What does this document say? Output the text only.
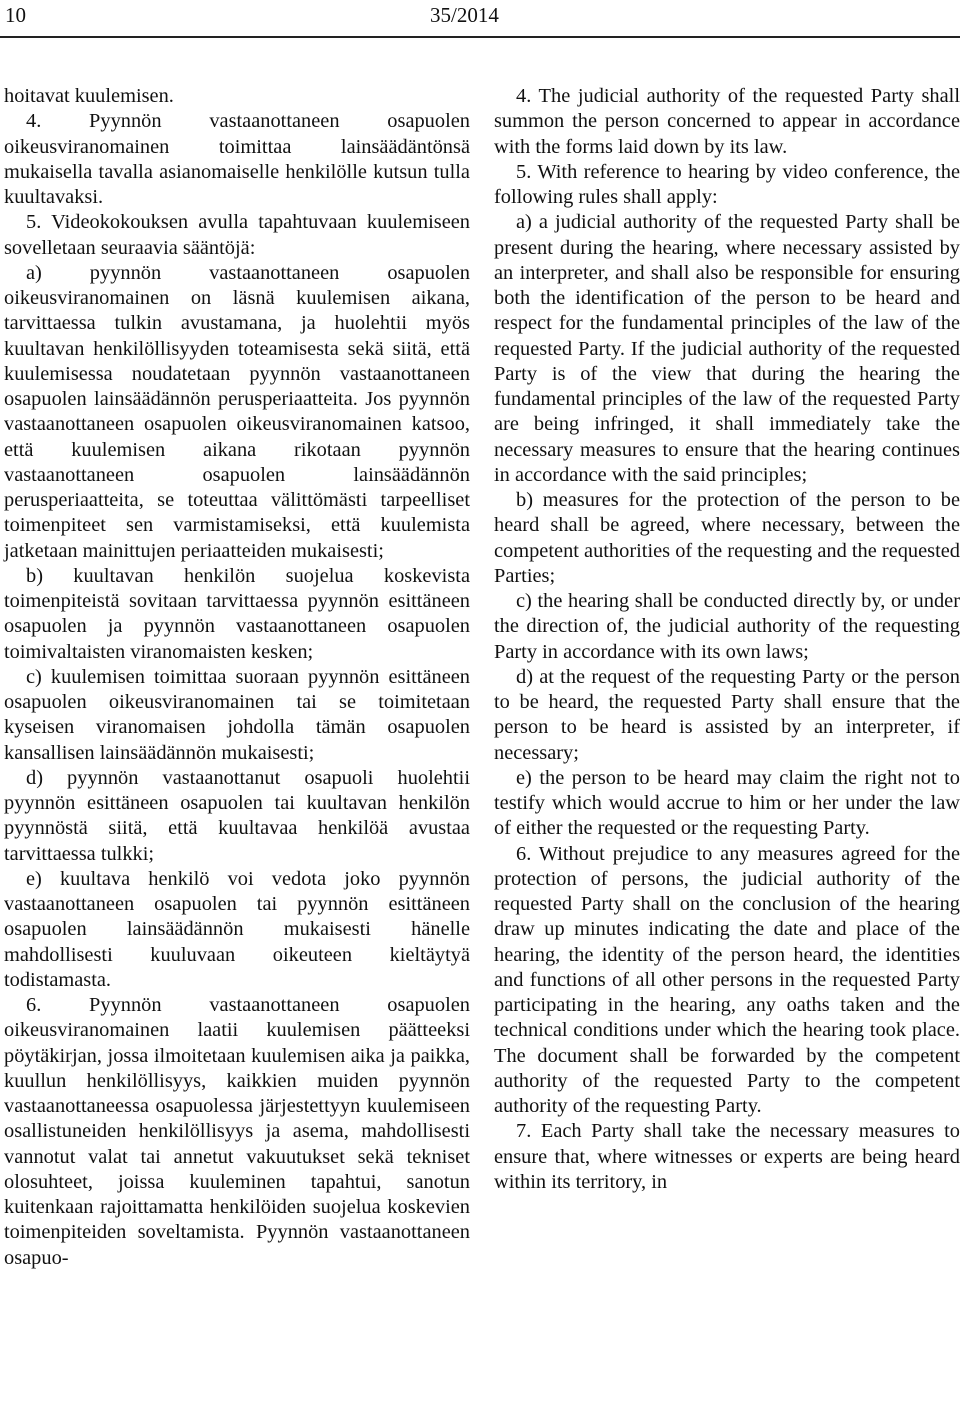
10	35/2014

hoitavat kuulemisen.

4. Pyynnön vastaanottaneen osapuolen oikeusviranomainen toimittaa lainsäädäntönsä mukaisella tavalla asianomaiselle henkilölle kutsun tulla kuultavaksi.

5. Videokokouksen avulla tapahtuvaan kuulemiseen sovelletaan seuraavia sääntöjä:

a) pyynnön vastaanottaneen osapuolen oikeusviranomainen on läsnä kuulemisen aikana, tarvittaessa tulkin avustamana, ja huolehtii myös kuultavan henkilöllisyyden toteamisesta sekä siitä, että kuulemisessa noudatetaan pyynnön vastaanottaneen osapuolen lainsäädännön perusperiaatteita. Jos pyynnön vastaanottaneen osapuolen oikeusviranomainen katsoo, että kuulemisen aikana rikotaan pyynnön vastaanottaneen osapuolen lainsäädännön perusperiaatteita, se toteuttaa välittömästi tarpeelliset toimenpiteet sen varmistamiseksi, että kuulemista jatketaan mainittujen periaatteiden mukaisesti;

b) kuultavan henkilön suojelua koskevista toimenpiteistä sovitaan tarvittaessa pyynnön esittäneen osapuolen ja pyynnön vastaanottaneen osapuolen toimivaltaisten viranomaisten kesken;

c) kuulemisen toimittaa suoraan pyynnön esittäneen osapuolen oikeusviranomainen tai se toimitetaan kyseisen viranomaisen johdolla tämän osapuolen kansallisen lainsäädännön mukaisesti;

d) pyynnön vastaanottanut osapuoli huolehtii pyynnön esittäneen osapuolen tai kuultavan henkilön pyynnöstä siitä, että kuultavaa henkilöä avustaa tarvittaessa tulkki;

e) kuultava henkilö voi vedota joko pyynnön vastaanottaneen osapuolen tai pyynnön esittäneen osapuolen lainsäädännön mukaisesti hänelle mahdollisesti kuuluvaan oikeuteen kieltäytyä todistamasta.

6. Pyynnön vastaanottaneen osapuolen oikeusviranomainen laatii kuulemisen päätteeksi pöytäkirjan, jossa ilmoitetaan kuulemisen aika ja paikka, kuullun henkilöllisyys, kaikkien muiden pyynnön vastaanottaneessa osapuolessa järjestettyyn kuulemiseen osallistuneiden henkilöllisyys ja asema, mahdollisesti vannotut valat tai annetut vakuutukset sekä tekniset olosuhteet, joissa kuuleminen tapahtui, sanotun kuitenkaan rajoittamatta henkilöiden suojelua koskevien toimenpiteiden soveltamista. Pyynnön vastaanottaneen osapuo-

4. The judicial authority of the requested Party shall summon the person concerned to appear in accordance with the forms laid down by its law.

5. With reference to hearing by video conference, the following rules shall apply:

a) a judicial authority of the requested Party shall be present during the hearing, where necessary assisted by an interpreter, and shall also be responsible for ensuring both the identification of the person to be heard and respect for the fundamental principles of the law of the requested Party. If the judicial authority of the requested Party is of the view that during the hearing the fundamental principles of the law of the requested Party are being infringed, it shall immediately take the necessary measures to ensure that the hearing continues in accordance with the said principles;

b) measures for the protection of the person to be heard shall be agreed, where necessary, between the competent authorities of the requesting and the requested Parties;

c) the hearing shall be conducted directly by, or under the direction of, the judicial authority of the requesting Party in accordance with its own laws;

d) at the request of the requesting Party or the person to be heard, the requested Party shall ensure that the person to be heard is assisted by an interpreter, if necessary;

e) the person to be heard may claim the right not to testify which would accrue to him or her under the law of either the requested or the requesting Party.

6. Without prejudice to any measures agreed for the protection of persons, the judicial authority of the requested Party shall on the conclusion of the hearing draw up minutes indicating the date and place of the hearing, the identity of the person heard, the identities and functions of all other persons in the requested Party participating in the hearing, any oaths taken and the technical conditions under which the hearing took place. The document shall be forwarded by the competent authority of the requested Party to the competent authority of the requesting Party.

7. Each Party shall take the necessary measures to ensure that, where witnesses or experts are being heard within its territory, in
